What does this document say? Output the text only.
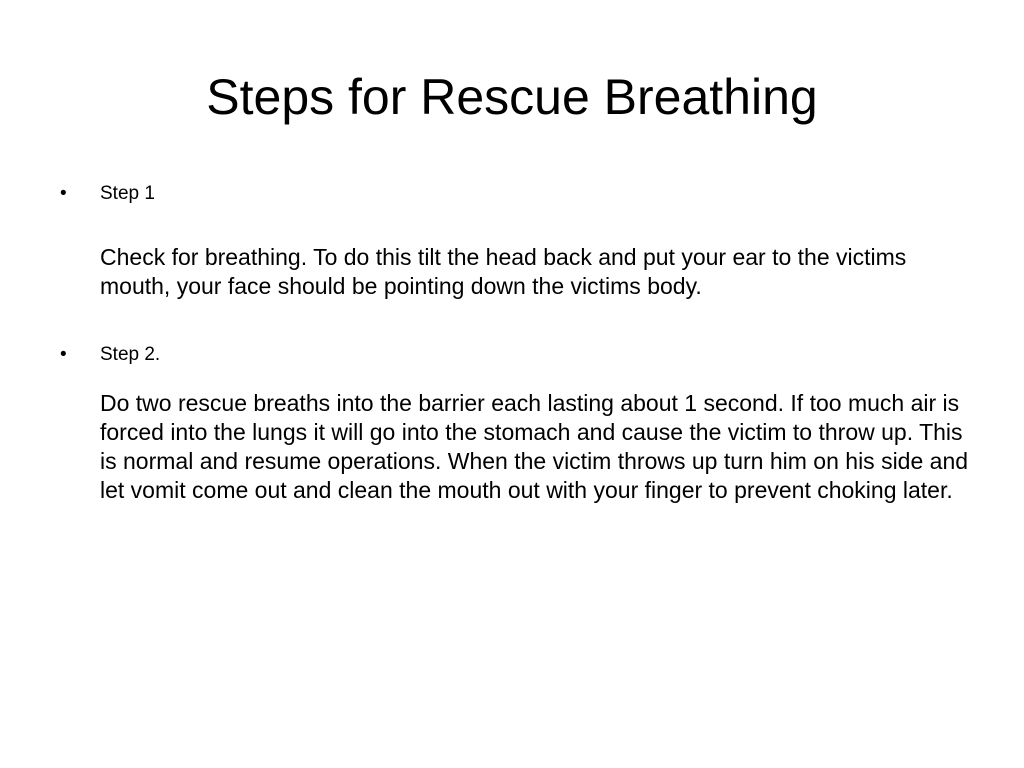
Steps for Rescue Breathing
•	Step 1

Check for breathing. To do this tilt the head back and put your ear to the victims mouth, your face should be pointing down the victims body.

•	Step 2.

Do two rescue breaths into the barrier each lasting about 1 second. If too much air is forced into the lungs it will go into the stomach and cause the victim to throw up. This is normal and resume operations. When the victim throws up turn him on his side and let vomit come out and clean the mouth out with your finger to prevent choking later.
